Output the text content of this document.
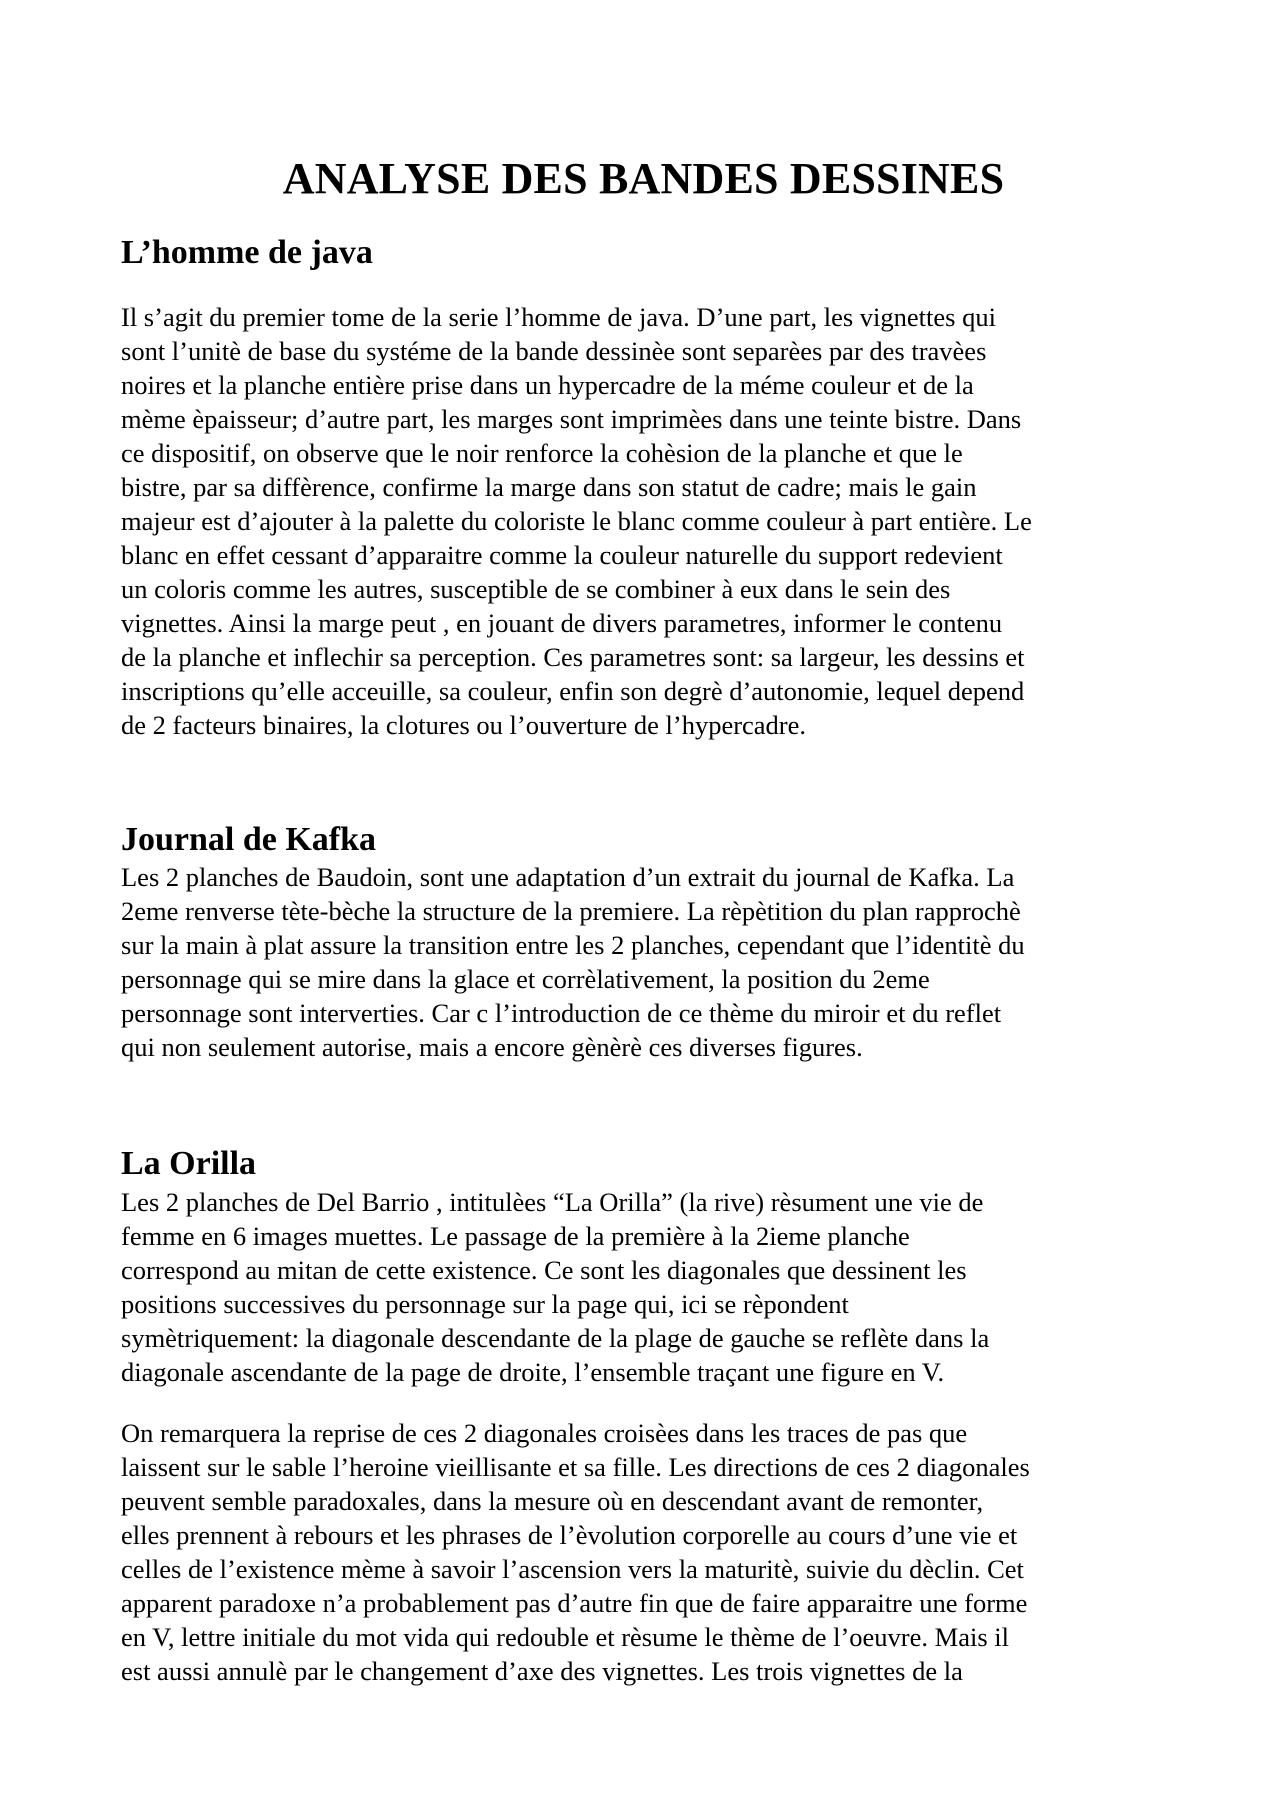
ANALYSE DES BANDES DESSINES
L’homme de java

Il s’agit du premier tome de la serie l’homme de java. D’une part, les vignettes qui
sont l’unitè de base du systéme de la bande dessinèe sont separèes par des travèes
noires et la planche entière prise dans un hypercadre de la méme couleur et de la
mème èpaisseur; d’autre part, les marges sont imprimèes dans une teinte bistre. Dans
ce dispositif, on observe que le noir renforce la cohèsion de la planche et que le
bistre, par sa diffèrence, confirme la marge dans son statut de cadre; mais le gain
majeur est d’ajouter à la palette du coloriste le blanc comme couleur à part entière. Le
blanc en effet cessant d’apparaitre comme la couleur naturelle du support redevient
un coloris comme les autres, susceptible de se combiner à eux dans le sein des
vignettes. Ainsi la marge peut , en jouant de divers parametres, informer le contenu
de la planche et inflechir sa perception. Ces parametres sont: sa largeur, les dessins et
inscriptions qu’elle acceuille, sa couleur, enfin son degrè d’autonomie, lequel depend
de 2 facteurs binaires, la clotures ou l’ouverture de l’hypercadre.

Journal de Kafka

Les 2 planches de Baudoin, sont une adaptation d’un extrait du journal de Kafka. La
2eme renverse tète-bèche la structure de la premiere. La rèpètition du plan rapprochè
sur la main à plat assure la transition entre les 2 planches, cependant que l’identitè du
personnage qui se mire dans la glace et corrèlativement, la position du 2eme
personnage sont interverties. Car c l’introduction de ce thème du miroir et du reflet
qui non seulement autorise, mais a encore gènèrè ces diverses figures.

La Orilla

Les 2 planches de Del Barrio , intitulèes “La Orilla” (la rive) rèsument une vie de
femme en 6 images muettes. Le passage de la première à la 2ieme planche
correspond au mitan de cette existence. Ce sont les diagonales que dessinent les
positions successives du personnage sur la page qui, ici se rèpondent
symètriquement: la diagonale descendante de la plage de gauche se reflète dans la
diagonale ascendante de la page de droite, l’ensemble traçant une figure en V.

On remarquera la reprise de ces 2 diagonales croisèes dans les traces de pas que
laissent sur le sable l’heroine vieillisante et sa fille. Les directions de ces 2 diagonales
peuvent semble paradoxales, dans la mesure où en descendant avant de remonter,
elles prennent à rebours et les phrases de l’èvolution corporelle au cours d’une vie et
celles de l’existence mème à savoir l’ascension vers la maturitè, suivie du dèclin. Cet
apparent paradoxe n’a probablement pas d’autre fin que de faire apparaitre une forme
en V, lettre initiale du mot vida qui redouble et rèsume le thème de l’oeuvre. Mais il
est aussi annulè par le changement d’axe des vignettes. Les trois vignettes de la
